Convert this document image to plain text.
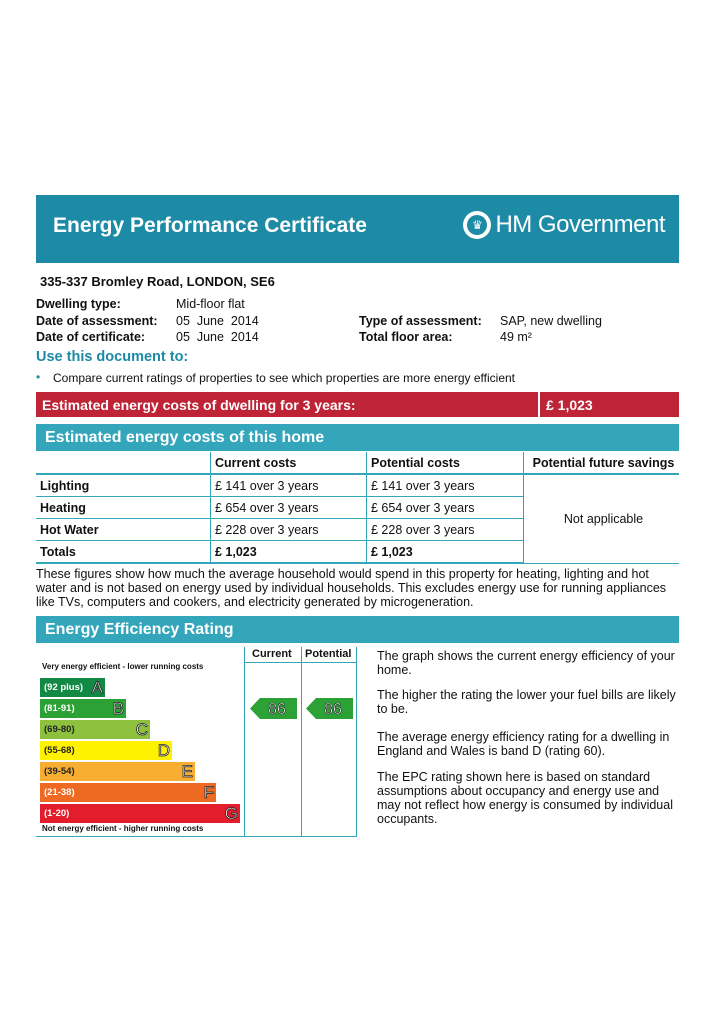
Energy Performance Certificate	♛ HM Government
335-337 Bromley Road, LONDON, SE6
Dwelling type:	Mid-floor flat
Date of assessment: 05  June  2014
Date of certificate: 05  June  2014
Type of assessment: SAP, new dwelling
Total floor area:	49 m²
Use this document to:
• Compare current ratings of properties to see which properties are more energy efficient
Estimated energy costs of dwelling for 3 years:	£ 1,023
Estimated energy costs of this home
	Current costs	Potential costs	Potential future savings
Lighting	£ 141 over 3 years	£ 141 over 3 years	Not applicable
Heating	£ 654 over 3 years	£ 654 over 3 years	
Hot Water	£ 228 over 3 years	£ 228 over 3 years	
Totals	£ 1,023	£ 1,023	
These figures show how much the average household would spend in this property for heating, lighting and hot water and is not based on energy used by individual households. This excludes energy use for running appliances like TVs, computers and cookers, and electricity generated by microgeneration.
Energy Efficiency Rating
Current Potential
Very energy efficient - lower running costs
Not energy efficient - higher running costs
(92 plus) A
(81-91) B
(69-80)	C
(55-68)	D
(39-54)	E
(21-38)	F
(1-20)	G
86 86
The graph shows the current energy efficiency of your home.
The higher the rating the lower your fuel bills are likely to be.
The average energy efficiency rating for a dwelling in England and Wales is band D (rating 60).
The EPC rating shown here is based on standard assumptions about occupancy and energy use and may not reflect how energy is consumed by individual occupants.
